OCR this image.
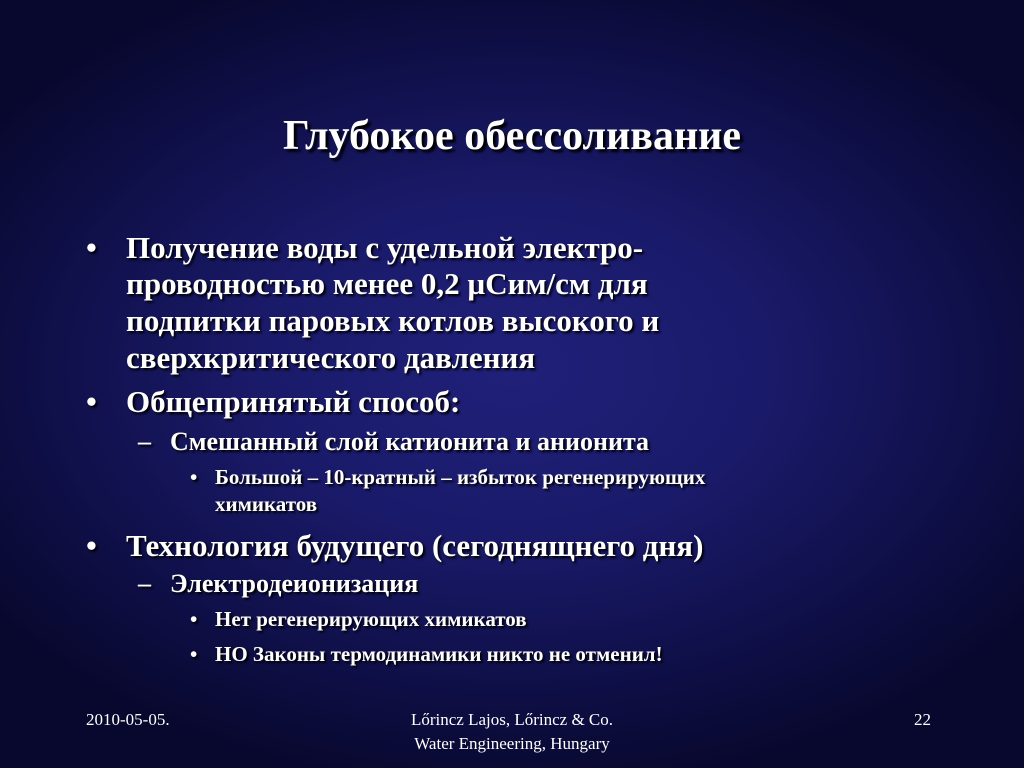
Глубокое обессоливание
• Получение воды с удельной электро-
проводностью менее 0,2 µСим/см для
подпитки паровых котлов высокого и
сверхкритического давления
• Общепринятый способ:
– Смешанный слой катионита и анионита
• Большой – 10-кратный – избыток регенерирующих
химикатов
• Технология будущего (сегоднящнего дня)
– Электродеионизация
• Нет регенерирующих химикатов
• НО Законы термодинамики никто не отменил!
2010-05-05.	Lőrincz Lajos, Lőrincz & Co.
Water Engineering, Hungary
22
